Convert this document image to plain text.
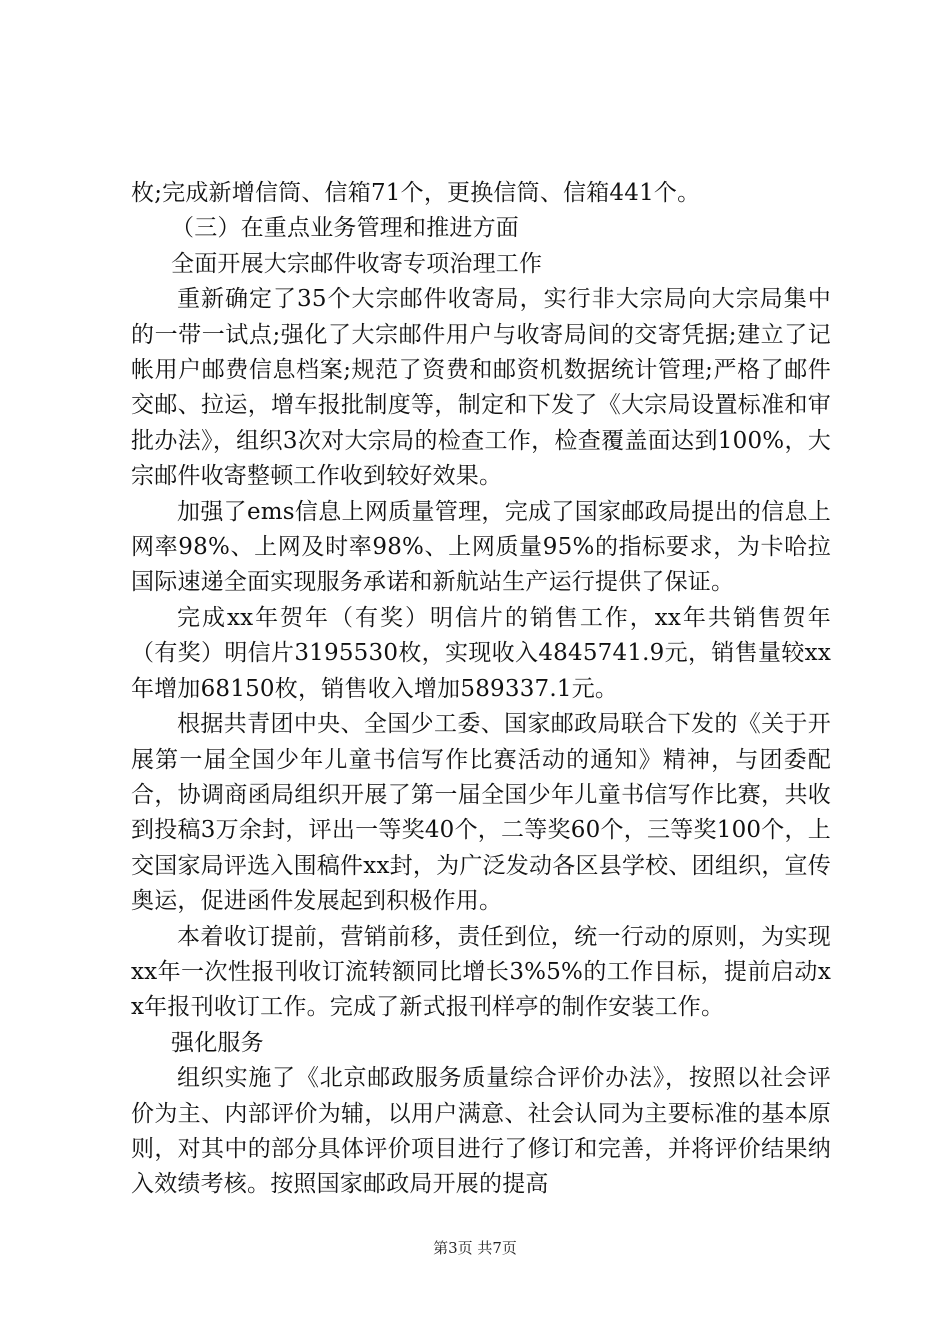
枚;完成新增信筒、信箱71个，更换信筒、信箱441个。

（三）在重点业务管理和推进方面

全面开展大宗邮件收寄专项治理工作

重新确定了35个大宗邮件收寄局，实行非大宗局向大宗局集中的一带一试点;强化了大宗邮件用户与收寄局间的交寄凭据;建立了记帐用户邮费信息档案;规范了资费和邮资机数据统计管理;严格了邮件交邮、拉运，增车报批制度等，制定和下发了《大宗局设置标准和审批办法》，组织3次对大宗局的检查工作，检查覆盖面达到100%，大宗邮件收寄整顿工作收到较好效果。

加强了ems信息上网质量管理，完成了国家邮政局提出的信息上网率98%、上网及时率98%、上网质量95%的指标要求，为卡哈拉国际速递全面实现服务承诺和新航站生产运行提供了保证。

完成xx年贺年（有奖）明信片的销售工作，xx年共销售贺年（有奖）明信片3195530枚，实现收入4845741.9元，销售量较xx年增加68150枚，销售收入增加589337.1元。

根据共青团中央、全国少工委、国家邮政局联合下发的《关于开展第一届全国少年儿童书信写作比赛活动的通知》精神，与团委配合，协调商函局组织开展了第一届全国少年儿童书信写作比赛，共收到投稿3万余封，评出一等奖40个，二等奖60个，三等奖100个，上交国家局评选入围稿件xx封，为广泛发动各区县学校、团组织，宣传奥运，促进函件发展起到积极作用。

本着收订提前，营销前移，责任到位，统一行动的原则，为实现xx年一次性报刊收订流转额同比增长3%5%的工作目标，提前启动xx年报刊收订工作。完成了新式报刊样亭的制作安装工作。

强化服务

组织实施了《北京邮政服务质量综合评价办法》，按照以社会评价为主、内部评价为辅，以用户满意、社会认同为主要标准的基本原则，对其中的部分具体评价项目进行了修订和完善，并将评价结果纳入效绩考核。按照国家邮政局开展的提高

第3页 共7页
